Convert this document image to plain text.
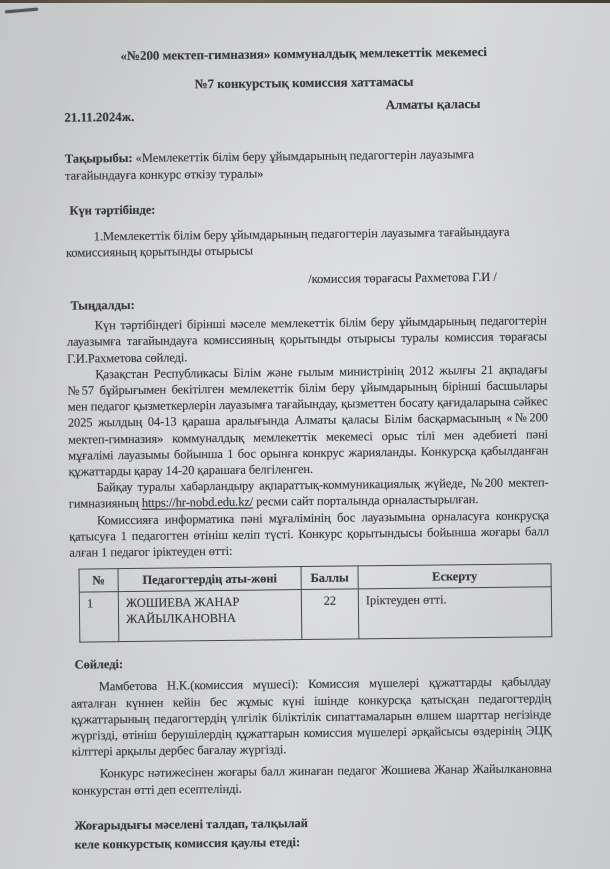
«№200 мектеп-гимназия» коммуналдық мемлекеттік мекемесі
№7 конкурстық комиссия хаттамасы
21.11.2024ж.
Алматы қаласы

Тақырыбы: «Мемлекеттік білім беру ұйымдарының педагогтерін лауазымға тағайындауға конкурс өткізу туралы»

Күн тәртібінде:

1.Мемлекеттік білім беру ұйымдарының педагогтерін лауазымға тағайындауға комиссияның қорытынды отырысы

/комиссия төрағасы Рахметова Г.И /
Тыңдалды:

Күн тәртібіндегі бірінші мәселе мемлекеттік білім беру ұйымдарының педагогтерін лауазымға тағайындауға комиссияның қорытынды отырысы туралы комиссия төрағасы Г.И.Рахметова сөйледі.

Қазақстан Республикасы Білім және ғылым министрінің 2012 жылғы 21 ақпадағы №57 бұйрығымен бекітілген мемлекеттік білім беру ұйымдарының бірінші басшылары мен педагог қызметкерлерін лауазымға тағайындау, қызметтен босату қағидаларына сәйкес 2025 жылдың 04-13 қараша аралығында Алматы қаласы Білім басқармасының «№200 мектеп-гимназия» коммуналдық мемлекеттік мекемесі орыс тілі мен әдебиеті пәні мұғалімі лауазымы бойынша 1 бос орынға конкрус жарияланды. Конкурсқа қабылданған құжаттарды қарау 14-20 қарашаға белгіленген.

Байқау туралы хабарландыру ақпараттық-коммуникациялық жүйеде, №200 мектеп-гимназияның https://hr-nobd.edu.kz/ ресми сайт порталында орналастырылған.

Комиссияға информатика пәні мұғалімінің бос лауазымына орналасуға конкрусқа қатысуға 1 педагогтен өтініш келіп түсті. Конкурс қорытындысы бойынша жоғары балл алған 1 педагог іріктеуден өтті:

№	Педагогтердің аты-жөні	Баллы	Ескерту
1	ЖОШИЕВА ЖАНАР ЖАЙЫЛКАНОВНА	22	Іріктеуден өтті.
Сөйледі:

Мамбетова Н.К.(комиссия мүшесі): Комиссия мүшелері құжаттарды қабылдау аяталған күннен кейін бес жұмыс күні ішінде конкурсқа қатысқан педагогтердің құжаттарының педагогтердің үлгілік біліктілік сипаттамаларын өлшем шарттар негізінде жүргізді, өтініш берушілердің құжаттарын комиссия мүшелері әрқайсысы өздерінің ЭЦҚ кілттері арқылы дербес бағалау жүргізді.

Конкурс нәтижесінен жоғары балл жинаған педагог Жошиева Жанар Жайылкановна конкурстан өтті деп есептелінді.

Жоғарыдығы мәселені талдап, талқылай
келе конкурстық комиссия қаулы етеді:
